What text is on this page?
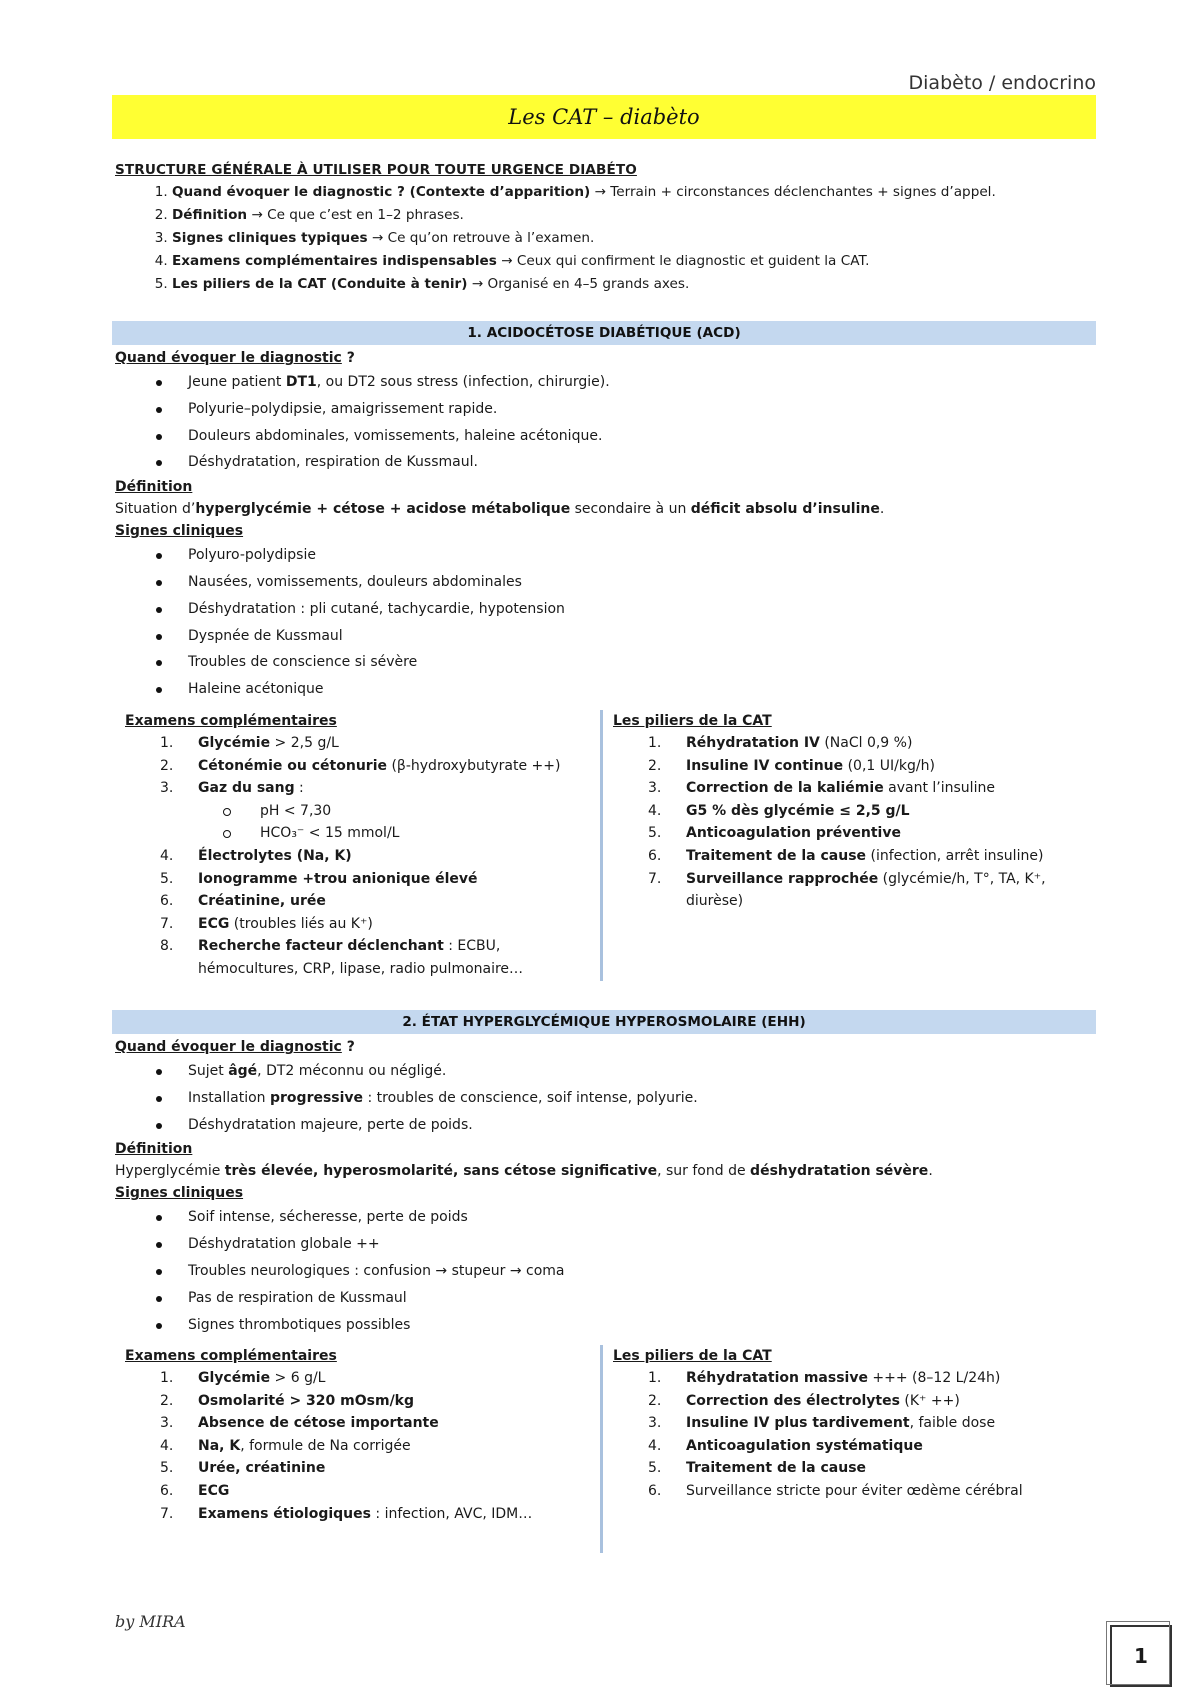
Diabèto / endocrino
Les CAT – diabèto
STRUCTURE GÉNÉRALE À UTILISER POUR TOUTE URGENCE DIABÉTO
1. Quand évoquer le diagnostic ? (Contexte d’apparition) → Terrain + circonstances déclenchantes + signes d’appel.
2. Définition → Ce que c’est en 1–2 phrases.
3. Signes cliniques typiques → Ce qu’on retrouve à l’examen.
4. Examens complémentaires indispensables → Ceux qui confirment le diagnostic et guident la CAT.
5. Les piliers de la CAT (Conduite à tenir) → Organisé en 4–5 grands axes.
1. ACIDOCÉTOSE DIABÉTIQUE (ACD)
Quand évoquer le diagnostic ?
Jeune patient DT1, ou DT2 sous stress (infection, chirurgie).
Polyurie–polydipsie, amaigrissement rapide.
Douleurs abdominales, vomissements, haleine acétonique.
Déshydratation, respiration de Kussmaul.
Définition
Situation d’hyperglycémie + cétose + acidose métabolique secondaire à un déficit absolu d’insuline.
Signes cliniques
Polyuro-polydipsie
Nausées, vomissements, douleurs abdominales
Déshydratation : pli cutané, tachycardie, hypotension
Dyspnée de Kussmaul
Troubles de conscience si sévère
Haleine acétonique
Examens complémentaires
1. Glycémie > 2,5 g/L
2. Cétonémie ou cétonurie (β-hydroxybutyrate ++)
3. Gaz du sang :
pH < 7,30
HCO₃⁻ < 15 mmol/L
4. Électrolytes (Na, K)
5. Ionogramme +trou anionique élevé
6. Créatinine, urée
7. ECG (troubles liés au K⁺)
8. Recherche facteur déclenchant : ECBU, hémocultures, CRP, lipase, radio pulmonaire…
Les piliers de la CAT
1. Réhydratation IV (NaCl 0,9 %)
2. Insuline IV continue (0,1 UI/kg/h)
3. Correction de la kaliémie avant l’insuline
4. G5 % dès glycémie ≤ 2,5 g/L
5. Anticoagulation préventive
6. Traitement de la cause (infection, arrêt insuline)
7. Surveillance rapprochée (glycémie/h, T°, TA, K⁺, diurèse)
2. ÉTAT HYPERGLYCÉMIQUE HYPEROSMOLAIRE (EHH)
Quand évoquer le diagnostic ?
Sujet âgé, DT2 méconnu ou négligé.
Installation progressive : troubles de conscience, soif intense, polyurie.
Déshydratation majeure, perte de poids.
Définition
Hyperglycémie très élevée, hyperosmolarité, sans cétose significative, sur fond de déshydratation sévère.
Signes cliniques
Soif intense, sécheresse, perte de poids
Déshydratation globale ++
Troubles neurologiques : confusion → stupeur → coma
Pas de respiration de Kussmaul
Signes thrombotiques possibles
Examens complémentaires
1. Glycémie > 6 g/L
2. Osmolarité > 320 mOsm/kg
3. Absence de cétose importante
4. Na, K, formule de Na corrigée
5. Urée, créatinine
6. ECG
7. Examens étiologiques : infection, AVC, IDM…
Les piliers de la CAT
1. Réhydratation massive +++ (8–12 L/24h)
2. Correction des électrolytes (K⁺ ++)
3. Insuline IV plus tardivement, faible dose
4. Anticoagulation systématique
5. Traitement de la cause
6. Surveillance stricte pour éviter œdème cérébral
by MIRA
1
